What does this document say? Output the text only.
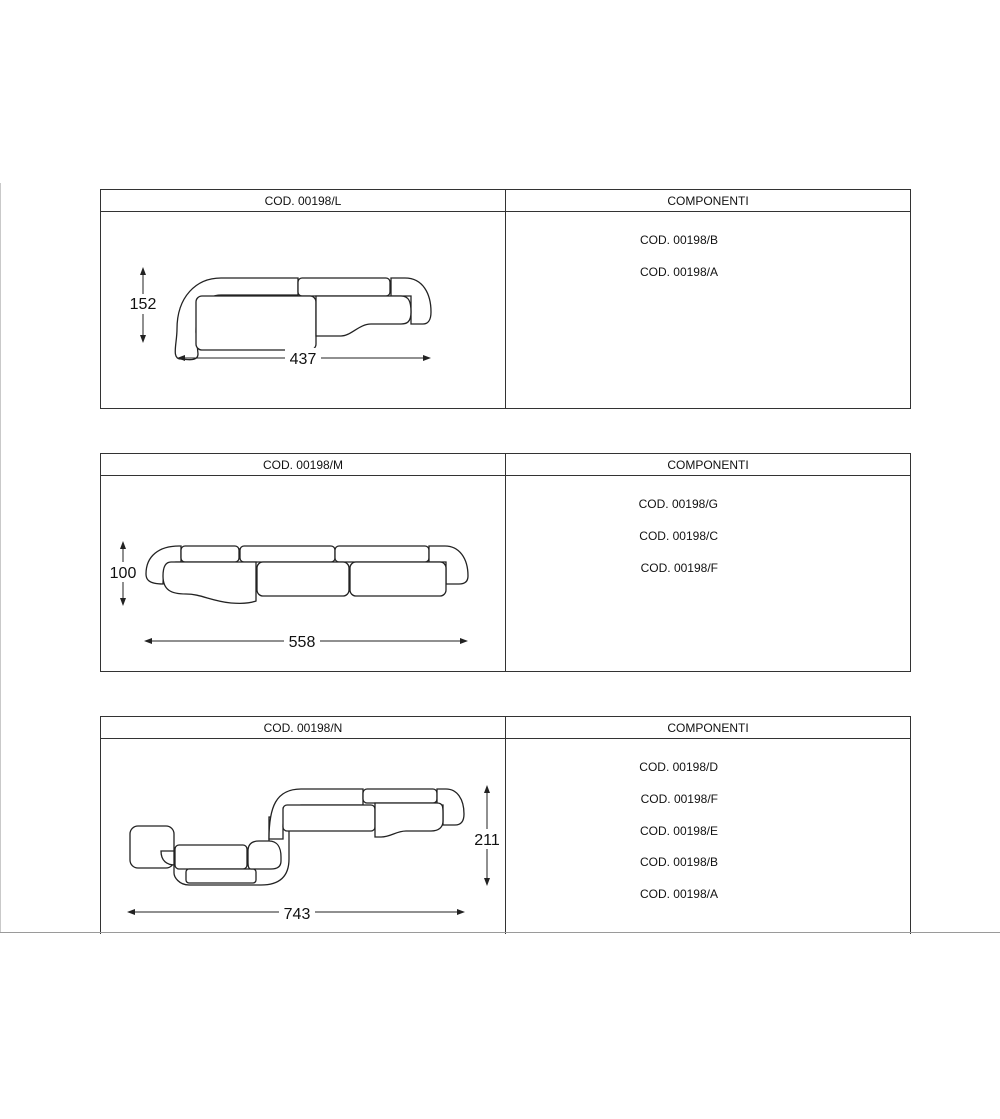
COD. 00198/L	COMPONENTI
152
437
COD. 00198/B
COD. 00198/A
COD. 00198/M	COMPONENTI
100
558
COD. 00198/G
COD. 00198/C
COD. 00198/F
COD. 00198/N	COMPONENTI
211
743
COD. 00198/D
COD. 00198/F
COD. 00198/E
COD. 00198/B
COD. 00198/A
